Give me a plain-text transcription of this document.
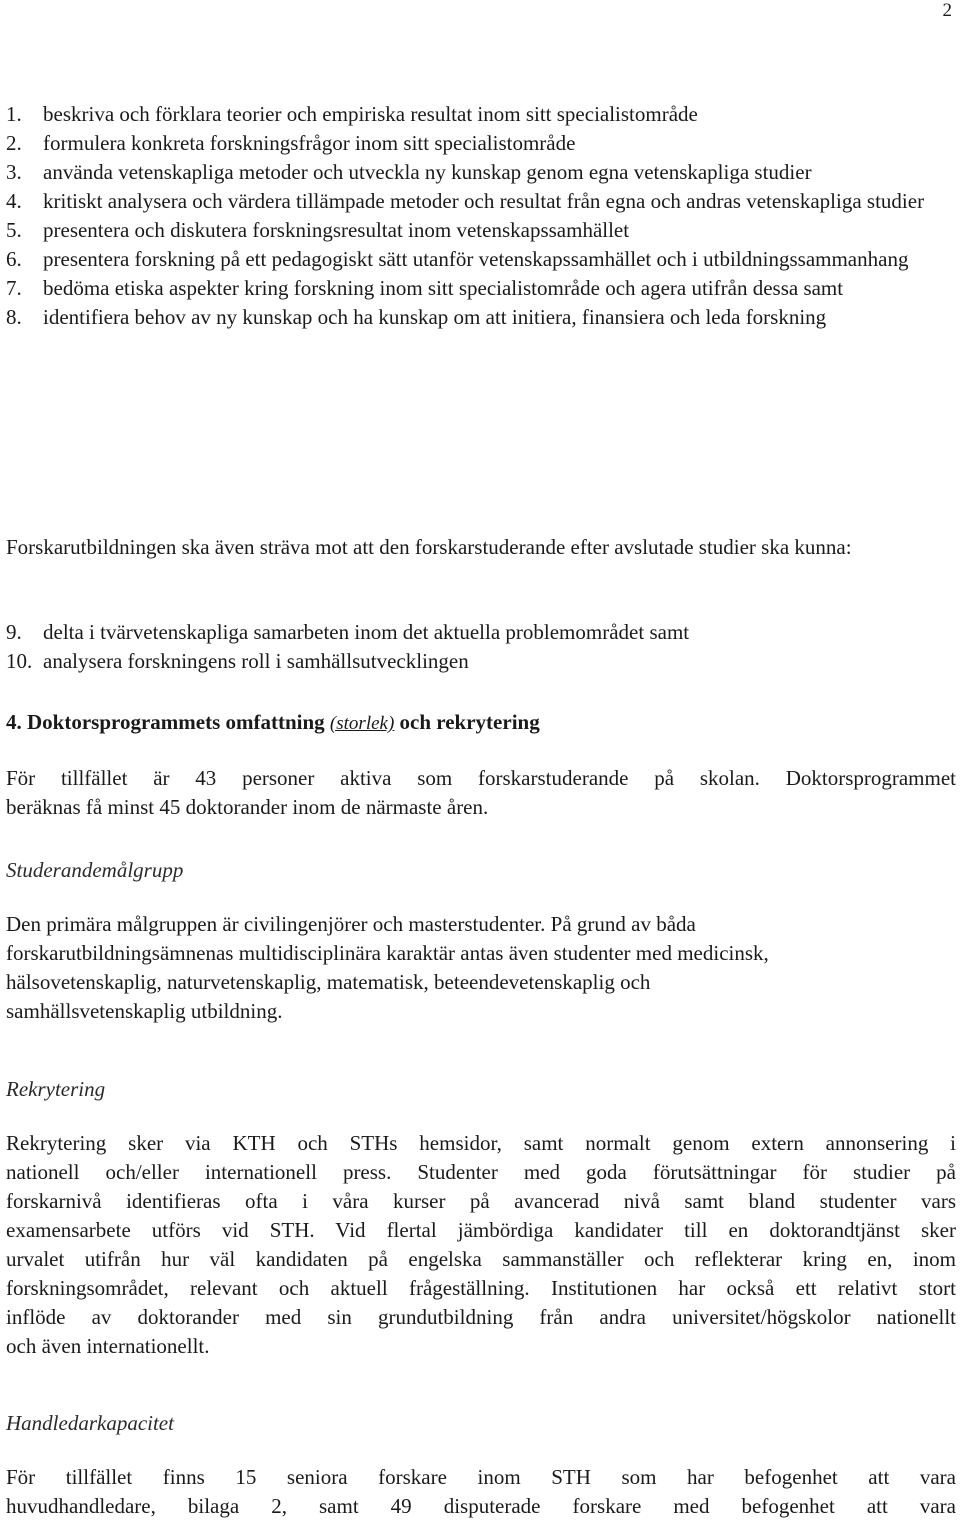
2
1. beskriva och förklara teorier och empiriska resultat inom sitt specialistområde
2. formulera konkreta forskningsfrågor inom sitt specialistområde
3. använda vetenskapliga metoder och utveckla ny kunskap genom egna vetenskapliga studier
4. kritiskt analysera och värdera tillämpade metoder och resultat från egna och andras vetenskapliga studier
5. presentera och diskutera forskningsresultat inom vetenskapssamhället
6. presentera forskning på ett pedagogiskt sätt utanför vetenskapssamhället och i utbildningssammanhang
7. bedöma etiska aspekter kring forskning inom sitt specialistområde och agera utifrån dessa samt
8. identifiera behov av ny kunskap och ha kunskap om att initiera, finansiera och leda forskning

Forskarutbildningen ska även sträva mot att den forskarstuderande efter avslutade studier ska kunna:

9. delta i tvärvetenskapliga samarbeten inom det aktuella problemområdet samt
10. analysera forskningens roll i samhällsutvecklingen
4. Doktorsprogrammets omfattning (storlek) och rekrytering
För tillfället är 43 personer aktiva som forskarstuderande på skolan. Doktorsprogrammet
beräknas få minst 45 doktorander inom de närmaste åren.
Studerandemålgrupp
Den primära målgruppen är civilingenjörer och masterstudenter. På grund av båda
forskarutbildningsämnenas multidisciplinära karaktär antas även studenter med medicinsk,
hälsovetenskaplig, naturvetenskaplig, matematisk, beteendevetenskaplig och
samhällsvetenskaplig utbildning.
Rekrytering
Rekrytering sker via KTH och STHs hemsidor, samt normalt genom extern annonsering i
nationell och/eller internationell press. Studenter med goda förutsättningar för studier på
forskarnivå identifieras ofta i våra kurser på avancerad nivå samt bland studenter vars
examensarbete utförs vid STH. Vid flertal jämbördiga kandidater till en doktorandtjänst sker
urvalet utifrån hur väl kandidaten på engelska sammanställer och reflekterar kring en, inom
forskningsområdet, relevant och aktuell frågeställning. Institutionen har också ett relativt stort
inflöde av doktorander med sin grundutbildning från andra universitet/högskolor nationellt
och även internationellt.
Handledarkapacitet
För tillfället finns 15 seniora forskare inom STH som har befogenhet att vara
huvudhandledare, bilaga 2, samt 49 disputerade forskare med befogenhet att vara
